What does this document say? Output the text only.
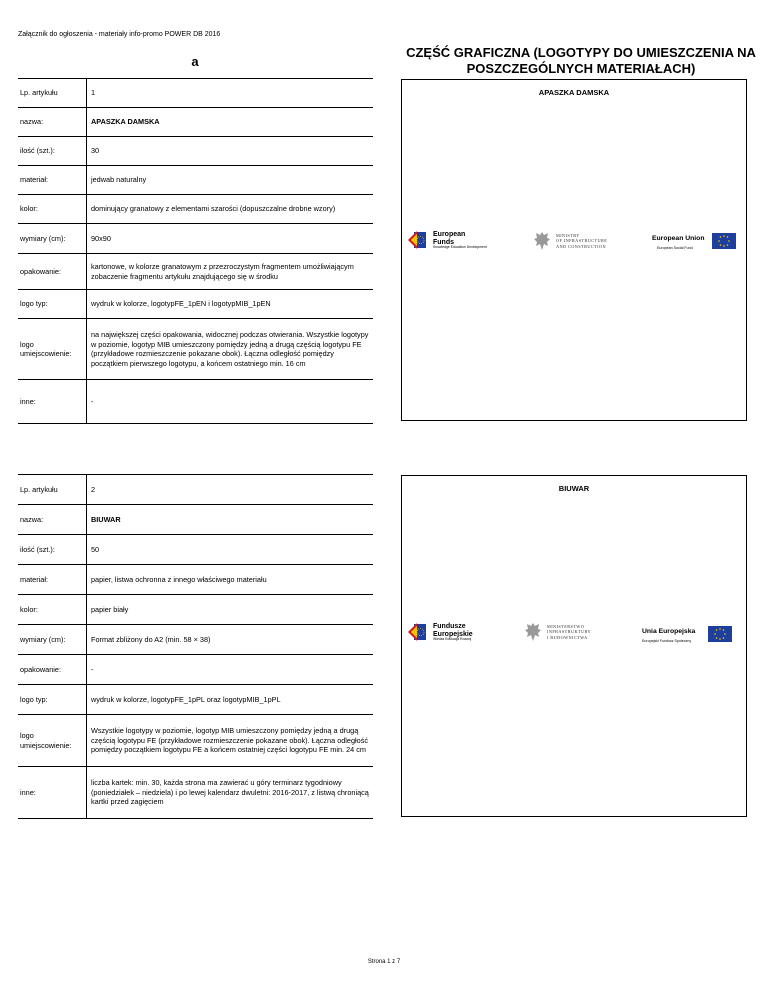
Załącznik do ogłoszenia - materiały info-promo POWER DB 2016
a
CZĘŚĆ GRAFICZNA (LOGOTYPY DO UMIESZCZENIA NA POSZCZEGÓLNYCH MATERIAŁACH)
Lp. artykułu	1
nazwa:	APASZKA DAMSKA
ilość (szt.):	30
materiał:	jedwab naturalny
kolor:	dominujący granatowy z elementami szarości (dopuszczalne drobne wzory)
wymiary (cm):	90x90
opakowanie:	kartonowe, w kolorze granatowym z przezroczystym fragmentem umożliwiającym zobaczenie fragmentu artykułu znajdującego się w środku
logo typ:	wydruk w kolorze, logotypFE_1pEN i logotypMIB_1pEN
logo umiejscowienie:	na największej części opakowania, widocznej podczas otwierania. Wszystkie logotypy w poziomie, logotyp MIB umieszczony pomiędzy jedną a drugą częścią logotypu FE (przykładowe rozmieszczenie pokazane obok). Łączna odległość pomiędzy początkiem pierwszego logotypu, a końcem ostatniego min. 16 cm
inne:	-
APASZKA DAMSKA
European
Funds
Knowledge Education Development
MINISTRY
OF INFRASTRUCTURE
AND CONSTRUCTION
European Union
European Social Fund
Lp. artykułu	2
nazwa:	BIUWAR
ilość (szt.):	50
materiał:	papier, listwa ochronna z innego właściwego materiału
kolor:	papier biały
wymiary (cm):	Format zbliżony do A2 (min. 58 × 38)
opakowanie:	-
logo typ:	wydruk w kolorze, logotypFE_1pPL oraz logotypMIB_1pPL
logo umiejscowienie:	Wszystkie logotypy w poziomie, logotyp MIB umieszczony pomiędzy jedną a drugą częścią logotypu FE (przykładowe rozmieszczenie pokazane obok). Łączna odległość pomiędzy początkiem logotypu FE a końcem ostatniej części logotypu FE min. 24 cm
inne:	liczba kartek: min. 30, każda strona ma zawierać u góry terminarz tygodniowy (poniedziałek – niedziela) i po lewej kalendarz dwuletni: 2016-2017, z listwą chroniącą kartki przed zagięciem
BIUWAR
Fundusze
Europejskie
Wiedza Edukacja Rozwój
MINISTERSTWO
INFRASTRUKTURY
I BUDOWNICTWA
Unia Europejska
Europejski Fundusz Społeczny
Strona 1 z 7
